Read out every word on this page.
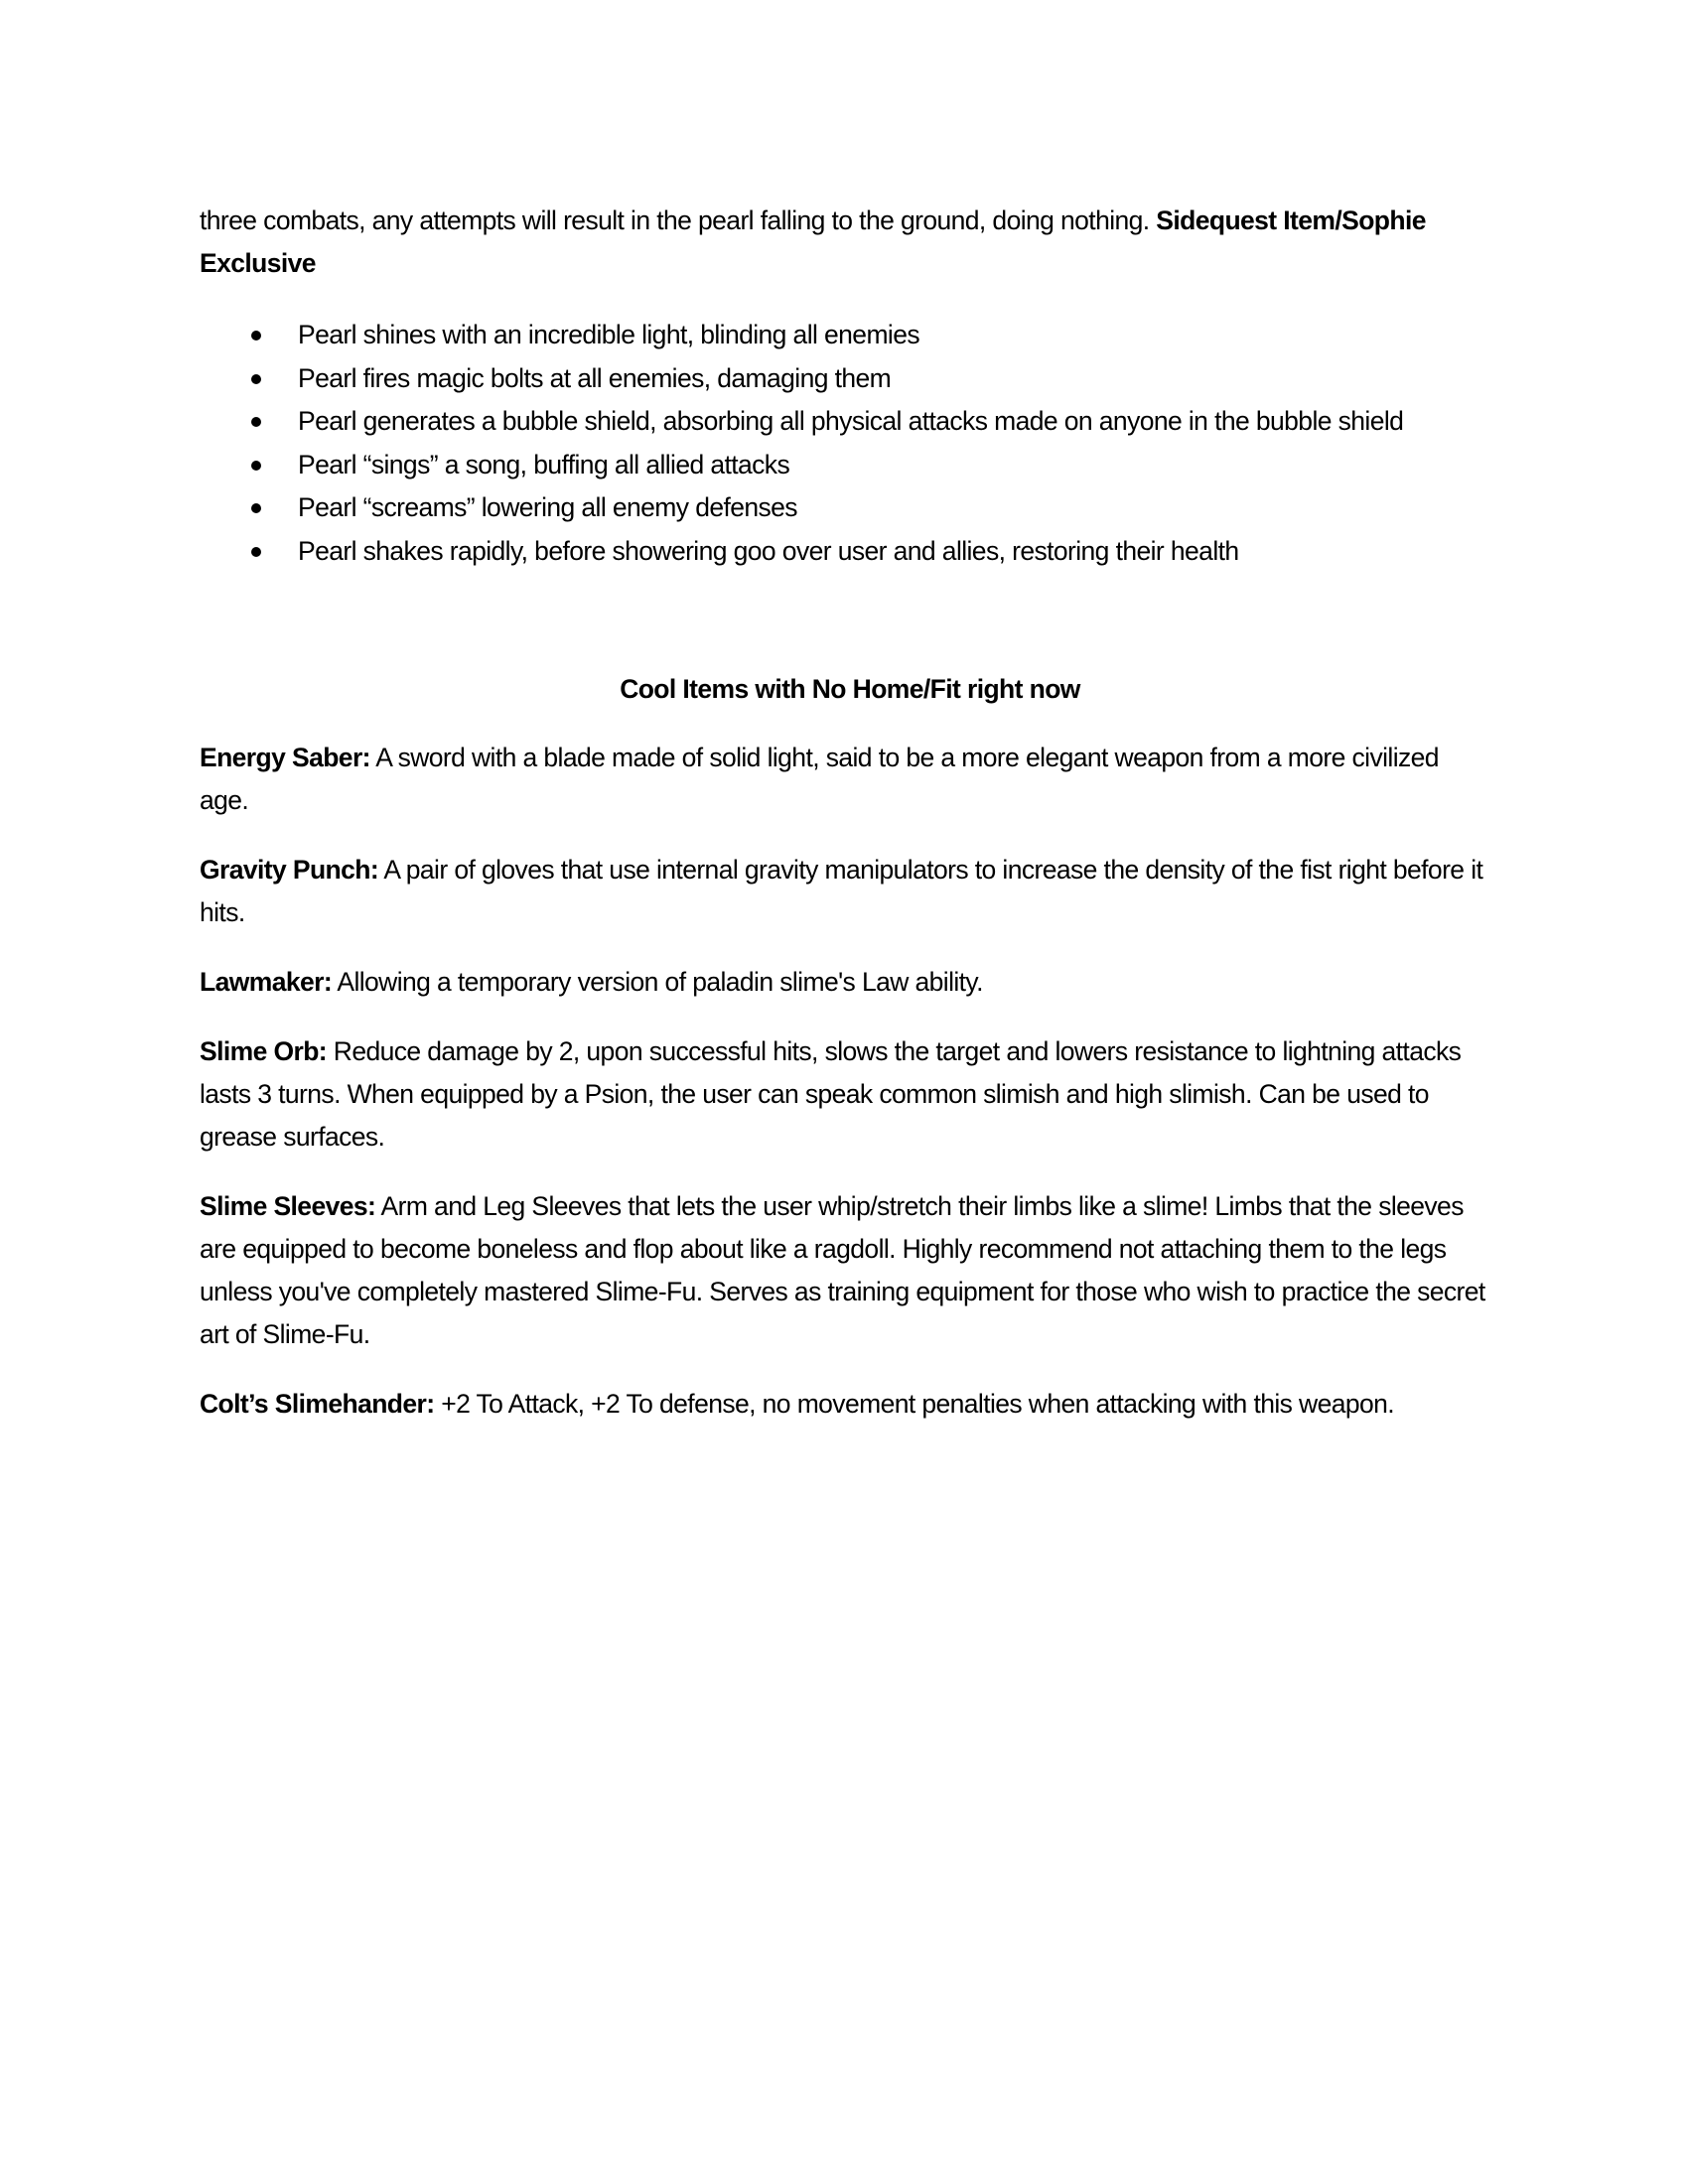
three combats, any attempts will result in the pearl falling to the ground, doing nothing. Sidequest Item/Sophie Exclusive

Pearl shines with an incredible light, blinding all enemies
Pearl fires magic bolts at all enemies, damaging them
Pearl generates a bubble shield, absorbing all physical attacks made on anyone in the bubble shield
Pearl “sings” a song, buffing all allied attacks
Pearl “screams” lowering all enemy defenses
Pearl shakes rapidly, before showering goo over user and allies, restoring their health

Cool Items with No Home/Fit right now

Energy Saber: A sword with a blade made of solid light, said to be a more elegant weapon from a more civilized age.

Gravity Punch: A pair of gloves that use internal gravity manipulators to increase the density of the fist right before it hits.

Lawmaker: Allowing a temporary version of paladin slime's Law ability.

Slime Orb: Reduce damage by 2, upon successful hits, slows the target and lowers resistance to lightning attacks lasts 3 turns. When equipped by a Psion, the user can speak common slimish and high slimish. Can be used to grease surfaces.

Slime Sleeves: Arm and Leg Sleeves that lets the user whip/stretch their limbs like a slime! Limbs that the sleeves are equipped to become boneless and flop about like a ragdoll. Highly recommend not attaching them to the legs unless you've completely mastered Slime-Fu. Serves as training equipment for those who wish to practice the secret art of Slime-Fu.

Colt’s Slimehander: +2 To Attack, +2 To defense, no movement penalties when attacking with this weapon.
